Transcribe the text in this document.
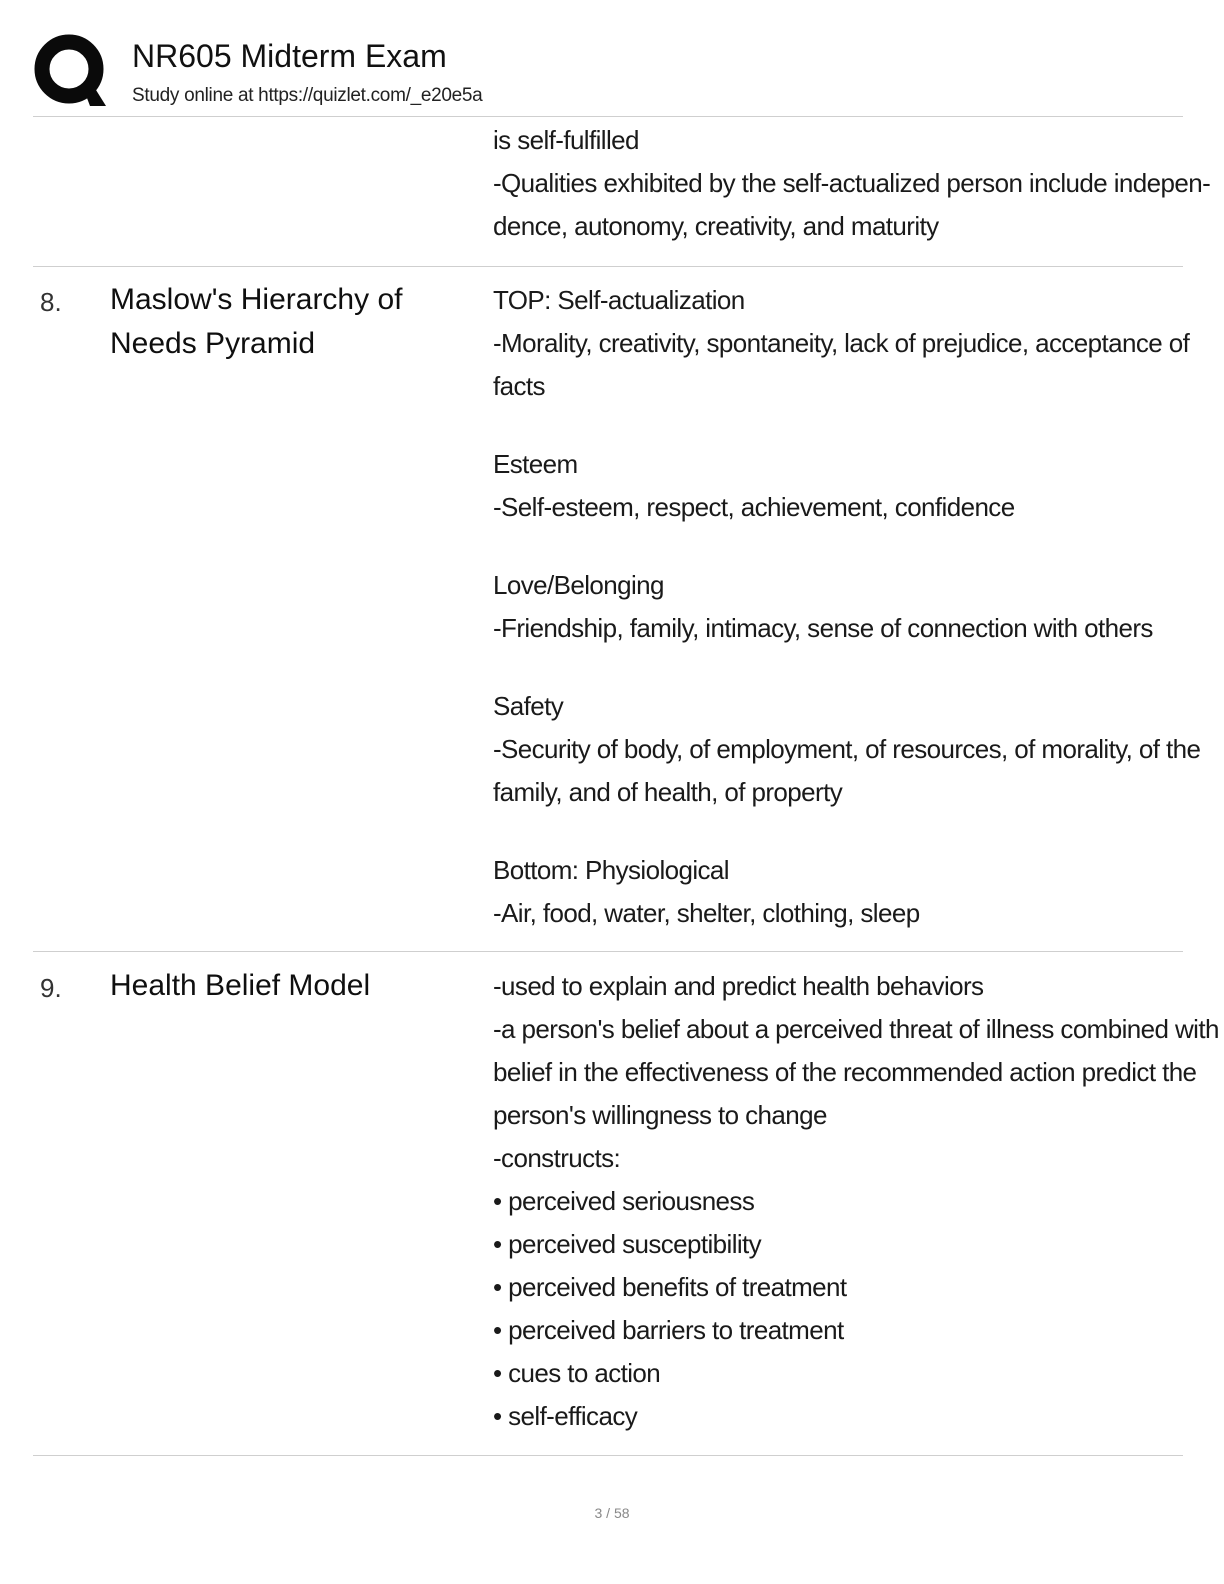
NR605 Midterm Exam
Study online at https://quizlet.com/_e20e5a
is self-fulfilled
-Qualities exhibited by the self-actualized person include indepen-
dence, autonomy, creativity, and maturity
8. Maslow's Hierarchy of
Needs Pyramid
TOP: Self-actualization
-Morality, creativity, spontaneity, lack of prejudice, acceptance of
facts
Esteem
-Self-esteem, respect, achievement, confidence
Love/Belonging
-Friendship, family, intimacy, sense of connection with others
Safety
-Security of body, of employment, of resources, of morality, of the
family, and of health, of property
Bottom: Physiological
-Air, food, water, shelter, clothing, sleep
9. Health Belief Model	-used to explain and predict health behaviors
-a person's belief about a perceived threat of illness combined with
belief in the effectiveness of the recommended action predict the
person's willingness to change
-constructs:
• perceived seriousness
• perceived susceptibility
• perceived benefits of treatment
• perceived barriers to treatment
• cues to action
• self-efficacy
3 / 58
